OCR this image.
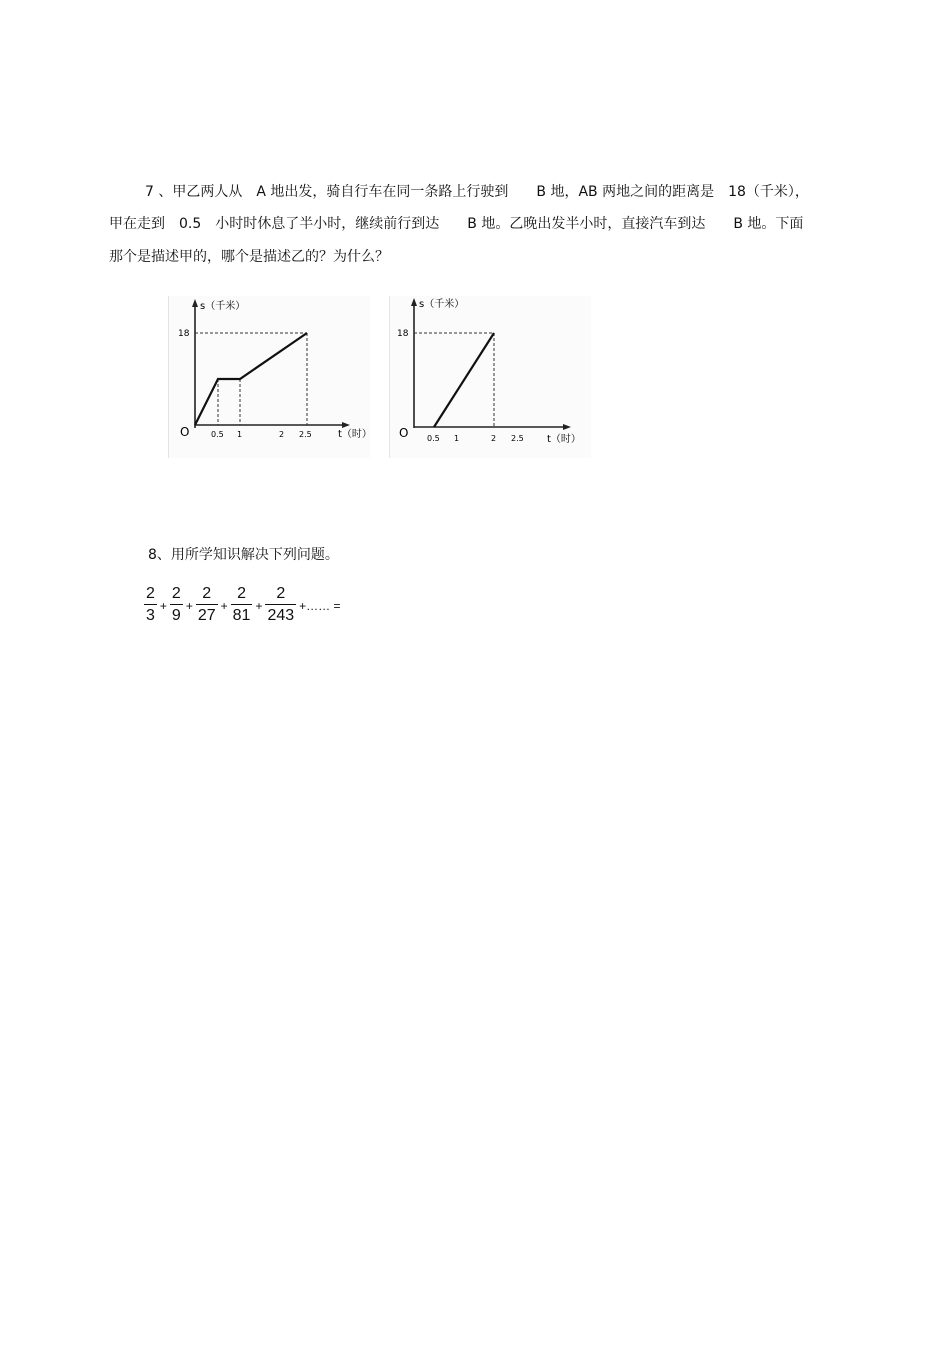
7 、甲乙两人从　A 地出发，骑自行车在同一条路上行驶到　　B 地，AB 两地之间的距离是　18（千米），
甲在走到　0.5　小时时休息了半小时，继续前行到达　　B 地。乙晚出发半小时，直接汽车到达　　B 地。下面
那个是描述甲的，哪个是描述乙的？为什么？
s（千米）
18
O	0.5 1	2 2.5	t（时）
s（千米）
18
O 0.5 1	2 2.5 t（时）
8、用所学知识解决下列问题。
$\frac{2}{3} + \frac{2}{9} + \frac{2}{27} + \frac{2}{81} + \frac{2}{243}$ +…… =
